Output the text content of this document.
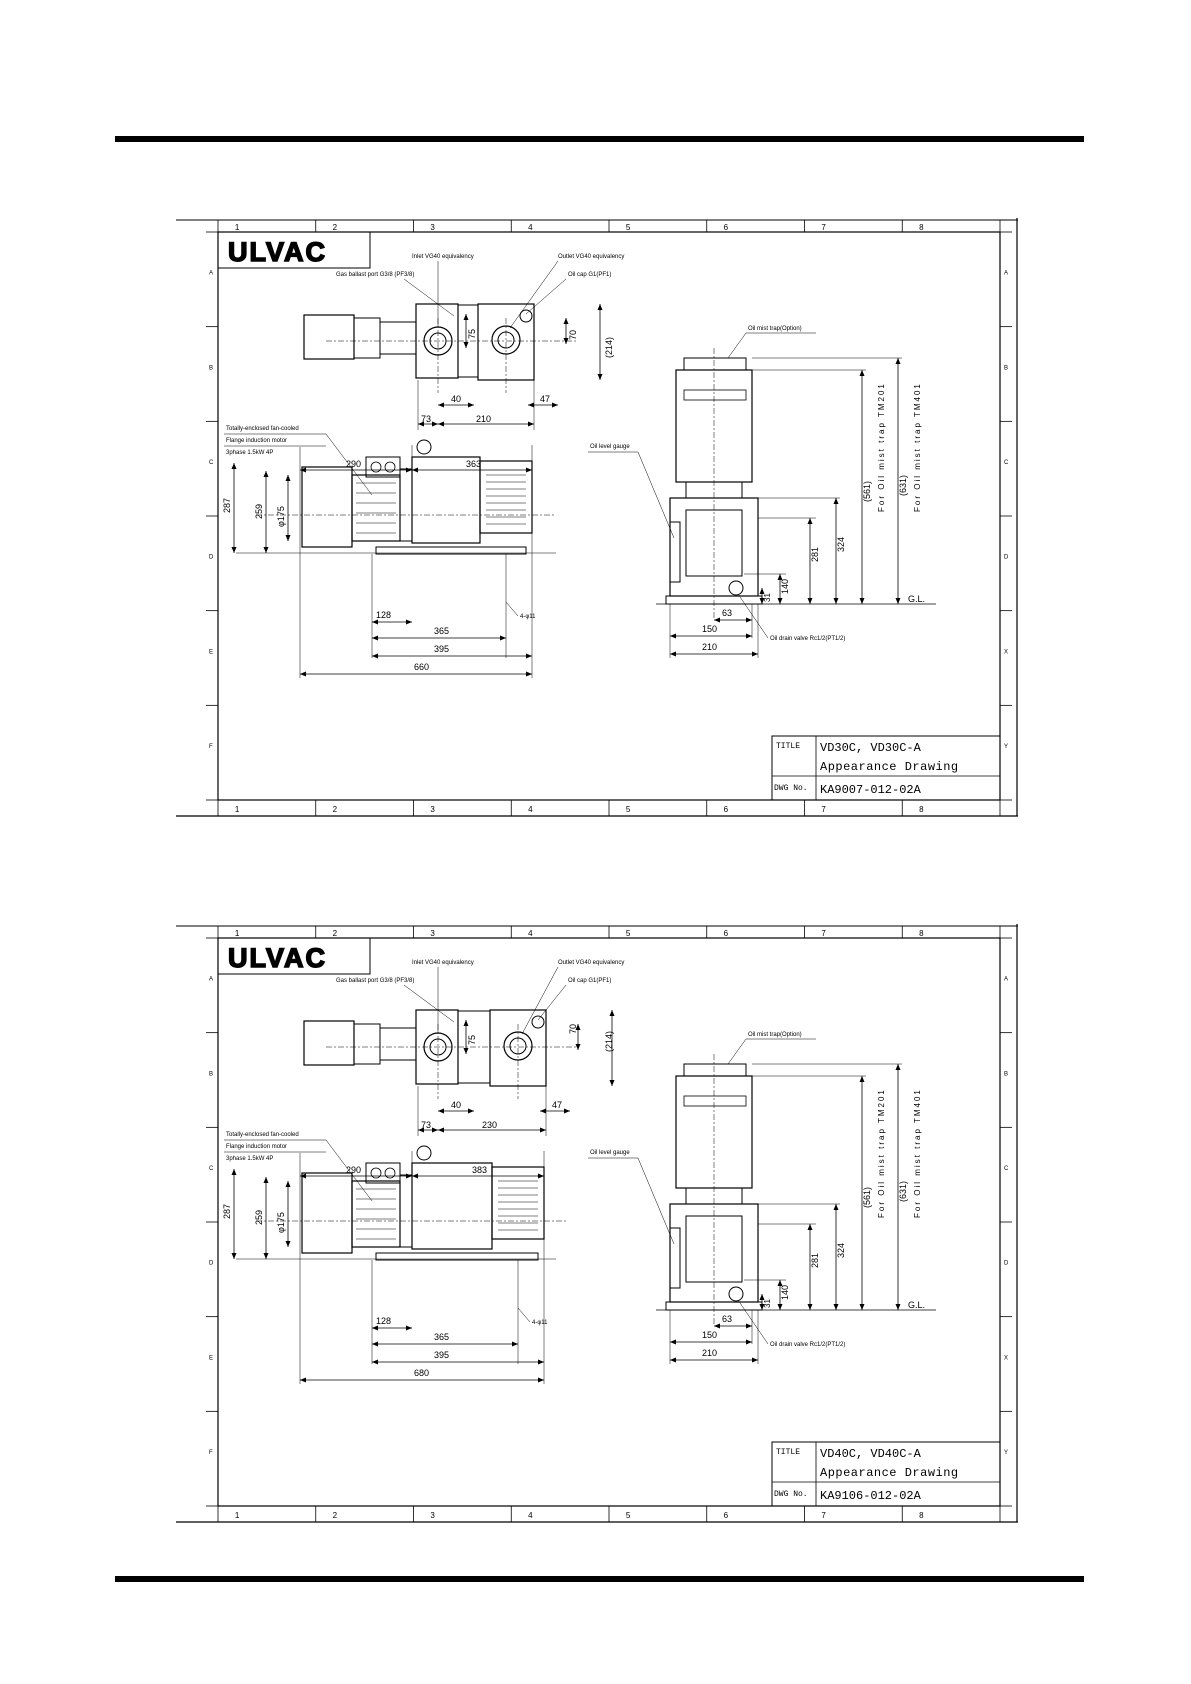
1
1
2
2
3
3
4
4
5
5
6
6
7
7
8
8
A
B
C
D
E
F
A
B
C
D
X
Y
ULVAC
TITLE VD30C, VD30C-A
Appearance Drawing
DWG No. KA9007-012-02A
75	70
(214)
40	47
73	210
Inlet VG40 equivalency
Gas ballast port G3/8 (PF3/8)
Outlet VG40 equivalency
Oil cap G1(PF1)
290	363
287 259 φ175
128
365
395
660
4-φ11
Totally-enclosed fan-cooled
Flange induction motor
3phase 1.5kW 4P
G.L.
324
281
140
31
(561)	(631)
For Oil mist trap TM201	For Oil mist trap TM401
63
150
210
Oil mist trap(Option)
Oil level gauge
Oil drain valve Rc1/2(PT1/2)
1
1
2
2
3
3
4
4
5
5
6
6
7
7
8
8
A
B
C
D
E
F
A
B
C
D
X
Y
ULVAC
TITLE VD40C, VD40C-A
Appearance Drawing
DWG No. KA9106-012-02A
75
70
(214)
40	47
73	230
Inlet VG40 equivalency
Gas ballast port G3/8 (PF3/8)
Outlet VG40 equivalency
Oil cap G1(PF1)
290	383
287 259 φ175
128
365
395
680
4-φ11
Totally-enclosed fan-cooled
Flange induction motor
3phase 1.5kW 4P
G.L.
324
281
140
31
(561)	(631)
For Oil mist trap TM201	For Oil mist trap TM401
63
150
210
Oil mist trap(Option)
Oil level gauge
Oil drain valve Rc1/2(PT1/2)
